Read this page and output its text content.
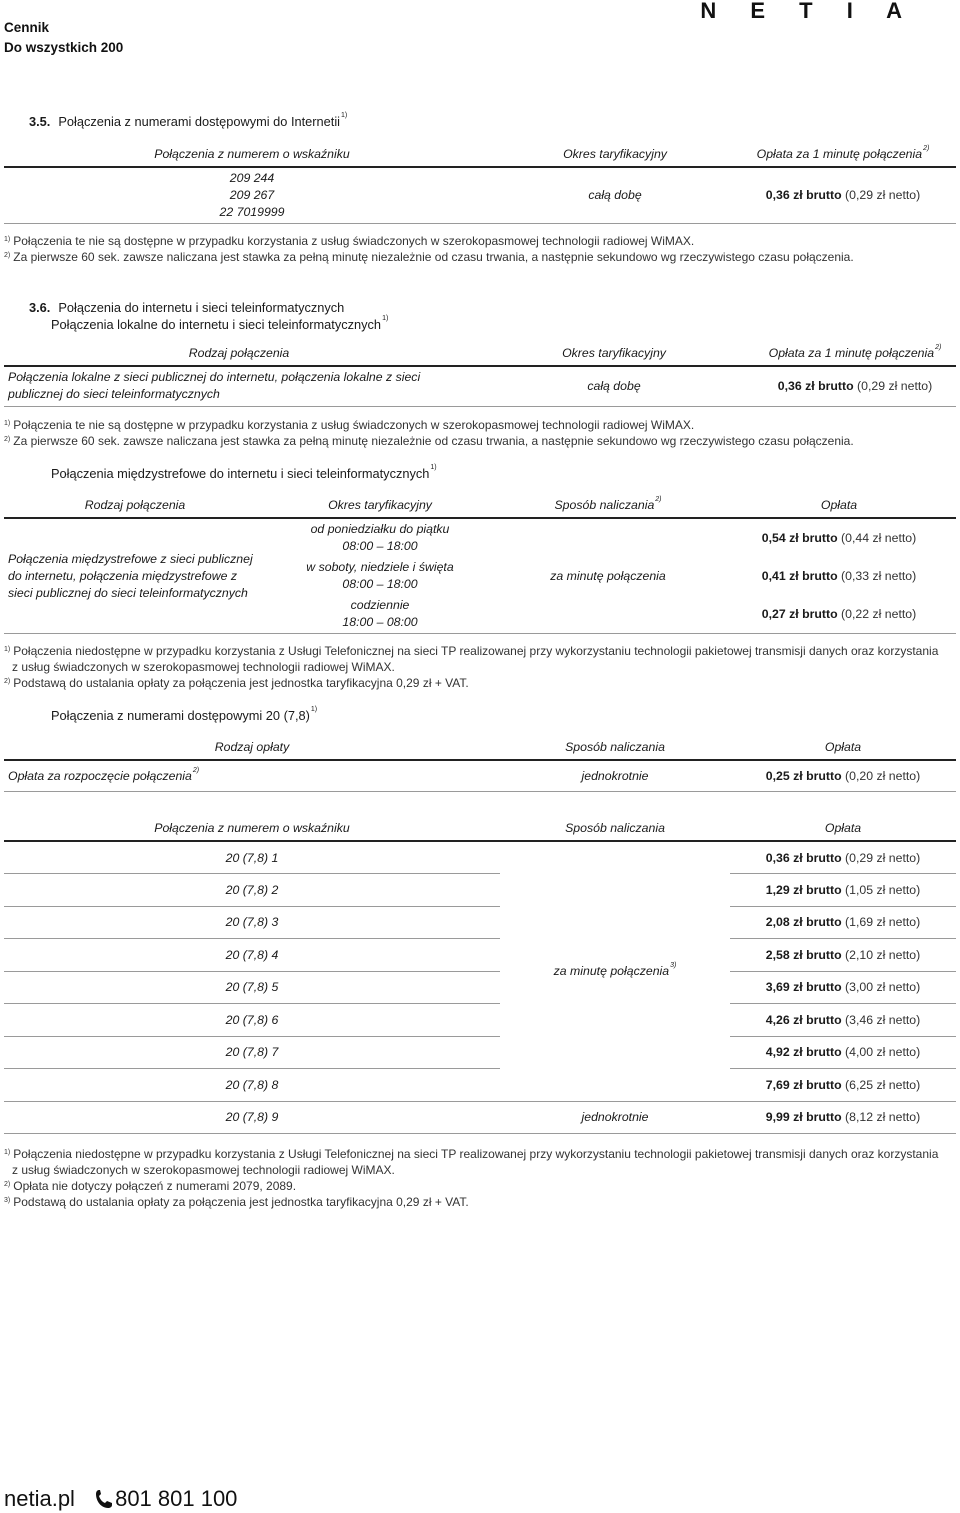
Cennik
Do wszystkich 200
N E T I A
3.5. Połączenia z numerami dostępowymi do Internetii$^{1)}$
Połączenia z numerem o wskaźniku	Okres taryfikacyjny	Opłata za 1 minutę połączenia$^{2)}$

209 244
209 267
22 7019999	całą dobę	0,36 zł brutto (0,29 zł netto)
$^{1)}$ Połączenia te nie są dostępne w przypadku korzystania z usług świadczonych w szerokopasmowej technologii radiowej WiMAX.
$^{2)}$ Za pierwsze 60 sek. zawsze naliczana jest stawka za pełną minutę niezależnie od czasu trwania, a następnie sekundowo wg rzeczywistego czasu połączenia.
3.6. Połączenia do internetu i sieci teleinformatycznych
Połączenia lokalne do internetu i sieci teleinformatycznych$^{1)}$
Rodzaj połączenia	Okres taryfikacyjny	Opłata za 1 minutę połączenia$^{2)}$
Połączenia lokalne z sieci publicznej do internetu, połączenia lokalne z sieci publicznej do sieci teleinformatycznych	całą dobę	0,36 zł brutto (0,29 zł netto)
$^{1)}$ Połączenia te nie są dostępne w przypadku korzystania z usług świadczonych w szerokopasmowej technologii radiowej WiMAX.
$^{2)}$ Za pierwsze 60 sek. zawsze naliczana jest stawka za pełną minutę niezależnie od czasu trwania, a następnie sekundowo wg rzeczywistego czasu połączenia.
Połączenia międzystrefowe do internetu i sieci teleinformatycznych$^{1)}$
Rodzaj połączenia	Okres taryfikacyjny	Sposób naliczania$^{2)}$	Opłata
Połączenia międzystrefowe z sieci publicznej do internetu, połączenia międzystrefowe z sieci publicznej do sieci teleinformatycznych	od poniedziałku do piątku
08:00 – 18:00	za minutę połączenia	0,54 zł brutto (0,44 zł netto)

	w soboty, niedziele i święta
08:00 – 18:00		0,41 zł brutto (0,33 zł netto)

	codziennie
18:00 – 08:00		0,27 zł brutto (0,22 zł netto)
$^{1)}$ Połączenia niedostępne w przypadku korzystania z Usługi Telefonicznej na sieci TP realizowanej przy wykorzystaniu technologii pakietowej transmisji danych oraz korzystania
z usług świadczonych w szerokopasmowej technologii radiowej WiMAX.
$^{2)}$ Podstawą do ustalania opłaty za połączenia jest jednostka taryfikacyjna 0,29 zł + VAT.
Połączenia z numerami dostępowymi 20 $(7,8)^{1)}$
Rodzaj opłaty	Sposób naliczania	Opłata
Opłata za rozpoczęcie połączenia$^{2)}$	jednokrotnie	0,25 zł brutto (0,20 zł netto)
Połączenia z numerem o wskaźniku	Sposób naliczania	Opłata
20 (7,8) 1	za minutę połączenia$^{3)}$	0,36 zł brutto (0,29 zł netto)
20 (7,8) 2		1,29 zł brutto (1,05 zł netto)
20 (7,8) 3		2,08 zł brutto (1,69 zł netto)
20 (7,8) 4		2,58 zł brutto (2,10 zł netto)
20 (7,8) 5		3,69 zł brutto (3,00 zł netto)
20 (7,8) 6		4,26 zł brutto (3,46 zł netto)
20 (7,8) 7		4,92 zł brutto (4,00 zł netto)
20 (7,8) 8		7,69 zł brutto (6,25 zł netto)
20 (7,8) 9	jednokrotnie	9,99 zł brutto (8,12 zł netto)
$^{1)}$ Połączenia niedostępne w przypadku korzystania z Usługi Telefonicznej na sieci TP realizowanej przy wykorzystaniu technologii pakietowej transmisji danych oraz korzystania
z usług świadczonych w szerokopasmowej technologii radiowej WiMAX.
$^{2)}$ Opłata nie dotyczy połączeń z numerami 2079, 2089.
$^{3)}$ Podstawą do ustalania opłaty za połączenia jest jednostka taryfikacyjna 0,29 zł + VAT.
netia.pl 801 801 100
